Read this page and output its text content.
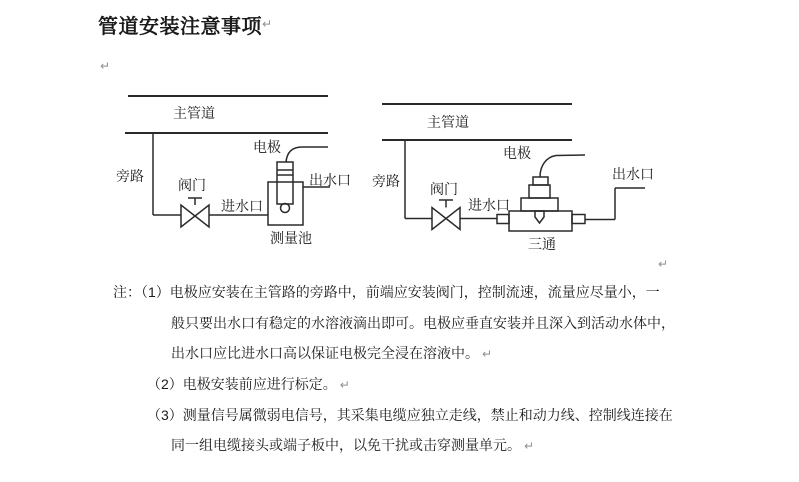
管道安装注意事项 ↵
↵
↵
主管道
旁路
阀门
进水口
电极
出水口
测量池
主管道
旁路 阀门
进水口
电极
出水口
三通
注：（1）电极应安装在主管路的旁路中，前端应安装阀门，控制流速，流量应尽量小，一
般只要出水口有稳定的水溶液滴出即可。电极应垂直安装并且深入到活动水体中，
出水口应比进水口高以保证电极完全浸在溶液中。 ↵
（2）电极安装前应进行标定。 ↵
（3）测量信号属微弱电信号，其采集电缆应独立走线，禁止和动力线、控制线连接在
同一组电缆接头或端子板中，以免干扰或击穿测量单元。 ↵
